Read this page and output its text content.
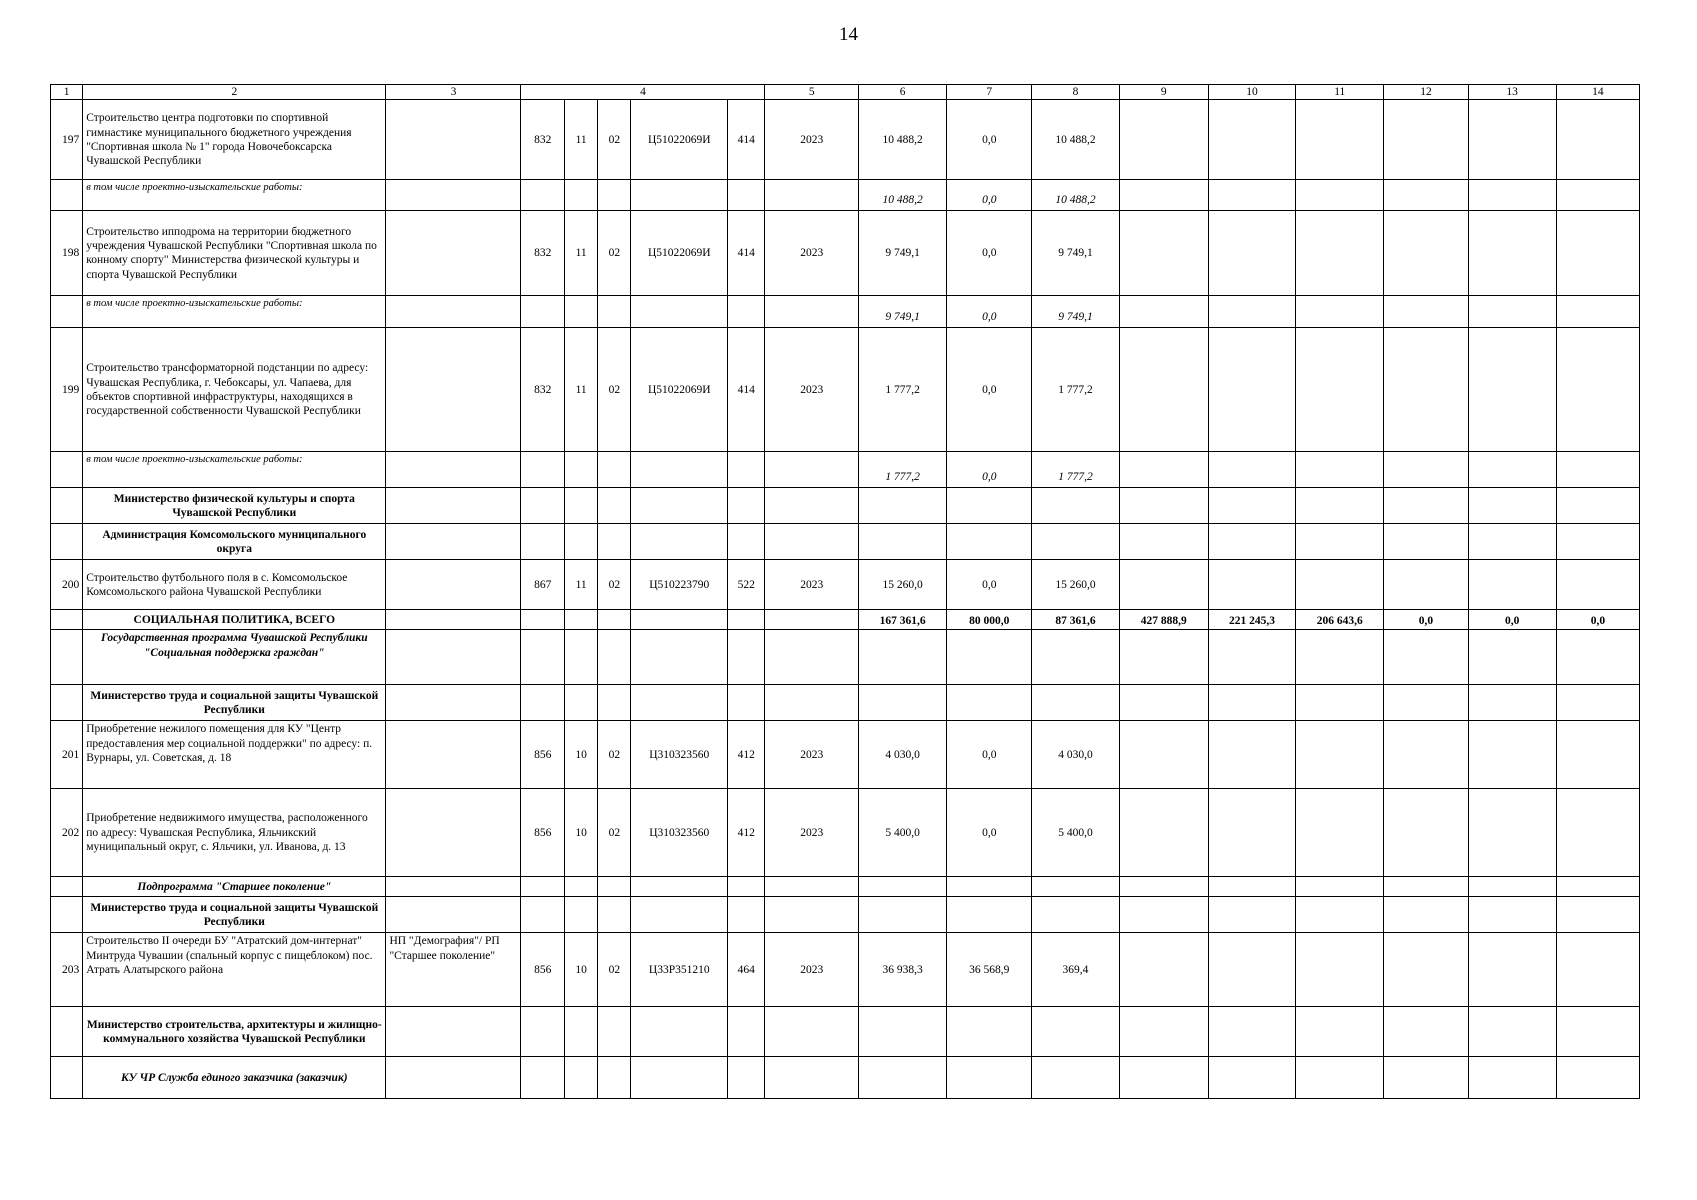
14
1	2	3	4					5	6	7	8	9	10	11	12	13	14
197	Строительство центра подготовки по спортивной гимнастике муниципального бюджетного учреждения "Спортивная школа № 1" города Новочебоксарска Чувашской Республики		832	11	02	Ц51022069И	414	2023	10 488,2	0,0	10 488,2						
	в том числе проектно-изыскательские работы:								10 488,2	0,0	10 488,2						
198	Строительство ипподрома на территории бюджетного учреждения Чувашской Республики "Спортивная школа по конному спорту" Министерства физической культуры и спорта Чувашской Республики		832	11	02	Ц51022069И	414	2023	9 749,1	0,0	9 749,1						
	в том числе проектно-изыскательские работы:								9 749,1	0,0	9 749,1						
199	Строительство трансформаторной подстанции по адресу: Чувашская Республика, г. Чебоксары, ул. Чапаева, для объектов спортивной инфраструктуры, находящихся в государственной собственности Чувашской Республики		832	11	02	Ц51022069И	414	2023	1 777,2	0,0	1 777,2						
	в том числе проектно-изыскательские работы:								1 777,2	0,0	1 777,2						
	Министерство физической культуры и спорта Чувашской Республики																
	Администрация Комсомольского муниципального округа																
200	Строительство футбольного поля в с. Комсомольское Комсомольского района Чувашской Республики		867	11	02	Ц510223790	522	2023	15 260,0	0,0	15 260,0						
	СОЦИАЛЬНАЯ ПОЛИТИКА, ВСЕГО								167 361,6	80 000,0	87 361,6	427 888,9	221 245,3	206 643,6	0,0	0,0	0,0
	Государственная программа Чувашской Республики "Социальная поддержка граждан"																
	Министерство труда и социальной защиты Чувашской Республики																
201	Приобретение нежилого помещения для КУ "Центр предоставления мер социальной поддержки" по адресу: п. Вурнары, ул. Советская, д. 18		856	10	02	Ц310323560	412	2023	4 030,0	0,0	4 030,0						
202	Приобретение недвижимого имущества, расположенного по адресу: Чувашская Республика, Яльчикский муниципальный округ, с. Яльчики, ул. Иванова, д. 13		856	10	02	Ц310323560	412	2023	5 400,0	0,0	5 400,0						
	Подпрограмма "Старшее поколение"																
	Министерство труда и социальной защиты Чувашской Республики																
203	Строительство II очереди БУ "Атратский дом-интернат" Минтруда Чувашии (спальный корпус с пищеблоком) пос. Атрать Алатырского района	НП "Демография"/ РП "Старшее поколение"	856	10	02	Ц33Р351210	464	2023	36 938,3	36 568,9	369,4						
	Министерство строительства, архитектуры и жилищно-коммунального хозяйства Чувашской Республики																
	КУ ЧР Служба единого заказчика (заказчик)																
